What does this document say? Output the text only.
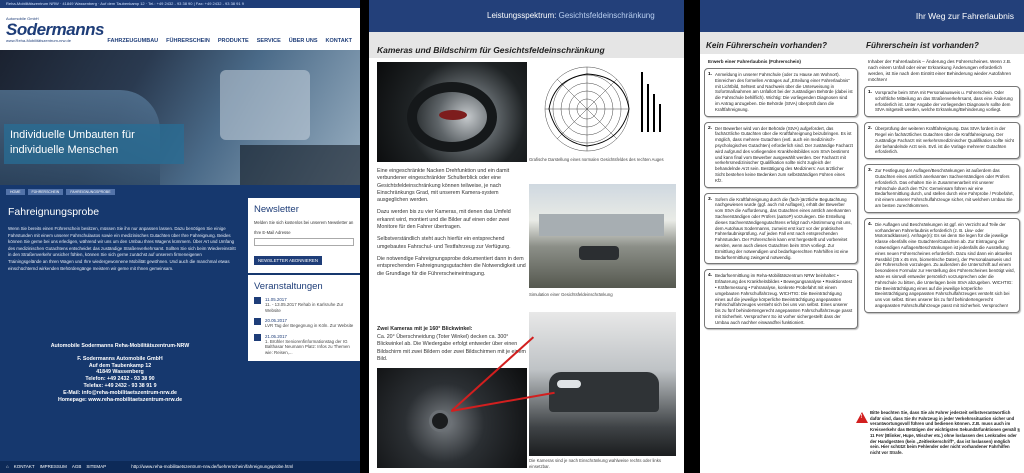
Reha-Mobilitätszentrum NRW · 41849 Wassenberg · Auf dem Taubenkamp 12 · Tel.: +49 2432 - 93 38 90 | Fax: +49 2432 - 93 38 91 9
Automobile GmbH
Sodermanns
www.Reha-Mobilitätszentrum-nrw.de	FAHRZEUGUMBAU FÜHRERSCHEIN PRODUKTE SERVICE ÜBER UNS KONTAKT
Individuelle Umbauten für
individuelle Menschen
HOME	FÜHRERSCHEIN	FAHREIGNUNGSPROBE
Fahreignungsprobe

Wenn Sie bereits einen Führerschein besitzen, müssen Sie ihn nur anpassen lassen. Dazu benötigen Sie einige Fahrstunden mit einem unserer Fahrschulautos sowie ein medizinisches Gutachten über Ihre Fahreignung. Beides können Sie gerne bei uns erledigen, während wir uns um den Umbau Ihres Wagens kümmern. Über Art und Umfang des medizinischen Gutachtens entscheidet das zuständige Straßenverkehrsamt. Sollten Sie sich beim Wiedereinstritt in den Straßenverkehr unsicher fühlen, können Sie sich gerne zunächst auf unserem firmeneigenen Trainingsgelände an Ihren Wagen und Ihre wiedergewonnene Mobilität gewöhnen. Und auch die manchmal etwas einschüchternd wirkenden Behördengänge meistern wir gerne mit Ihnen gemeinsam.

Newsletter

Melden Sie sich kostenlos bei unserem Newsletter an

Ihre E-Mail Adresse

NEWSLETTER ABONNIEREN
Veranstaltungen
11.05.2017
11. - 13.05.2017 Rehab in Karlsruhe Zur Website
20.05.2017
LVR Tag der Begegnung in Köln. Zur Website
21.05.2017
1. Brühler Seniorenfinformationstag der IG Balthasar Neumann Platz: Infos zu Themen wie: Reisen,...
Automobile Sodermanns Reha-Mobilitätszentrum-NRW
F. Sodermanns Automobile GmbH
Auf dem Taubenkamp 12
41849 Wassenberg
Telefon: +49 2432 - 93 38 90
Telefax: +49 2432 - 93 38 91 9
E-Mail: info@reha-mobilitaetszentrum-nrw.de
Homepage: www.reha-mobilitaetszentrum-nrw.de
⌂ KONTAKT IMPRESSUM AGB SITEMAP	http://www.reha-mobilitaetszentrum-nrw.de/fuehrerschein/fahreignungsprobe.html
Leistungsspektrum: Gesichtsfeldeinschränkung
Kameras und Bildschirm für Gesichtsfeldeinschränkung
Grafische Darstellung eines normalen Gesichtsfeldes des rechten Auges

Eine eingeschränkte Nacken Drehfunktion und ein damit verbundener eingeschränkter Schulterblick oder eine Gesichtsfeldeinschränkung können teilweise, je nach Einschränkungs Grad, mit unserem Kamera-system ausgeglichen werden.

Dazu werden bis zu vier Kameras, mit denen das Umfeld erkannt wird, montiert und die Bilder auf einen oder zwei Monitore für den Fahrer übertragen.

Selbstverständlich steht auch hierfür ein entsprechend umgebautes Fahrschul- und Testfahrzeug zur Verfügung.

Die notwendige Fahreignungsprobe dokumentiert dann in dem entsprechenden Fahreignungsgutachten die Notwendigkeit und die Grundlage für die Führerscheineintragung.

Simulation einer Gesichtsfeldeinschränkung
Zwei Kameras mit je 160° Blickwinkel:
Ca. 20° Überschneidung (Toter Winkel) decken ca. 300° Blickwinkel ab. Die Wiedergabe erfolgt entweder über einen Bildschirm mit zwei Bildern oder zwei Bildschirmen mit je einem Bild.
Die Kameras sind je nach Einschränkung wahlweise rechts oder links einsetzbar.
Ihr Weg zur Fahrerlaubnis
Kein Führerschein vorhanden?	Führerschein ist vorhanden?
Erwerb einer Fahrerlaubnis (Führerschein)
1. Anmeldung in unserer Fahrschule (oder zu Hause am Wohnort). Einreichen des formellen Antrages auf „Erteilung einer Fahrerlaubnis“ mit Lichtbild, Sehtest und Nachweis über die Unterweisung in Sofortmaßnahmen am Unfallort bei der zuständigen Behörde (dabei ist die Fahrschule behilflich). Wichtig: Die vorliegenden Diagnosen sind im Antrag anzugeben. Die Behörde (StVA) überprüft dann die Kraftfahreignung.

2. Der Bewerber wird von der Behörde (StVA) aufgefordert, das fachärztliche Gutachten über die Kraftfahreignung beizubringen. Es ist möglich, dass mehrere Gutachten (evtl. auch ein medizinisch-psychologisches Gutachten) erforderlich sind. Der zuständige Facharzt wird aufgrund des vorliegenden Krankheitsbildes vom StVA bestimmt und kann final vom Bewerber ausgewählt werden. Der Facharzt mit verkehrsmedizinischer Qualifikation sollte nicht zugleich der behandelnde Arzt sein. Bestätigung des Mediziners: Aus ärztlicher Sicht bestehen keine Bedenken zum selbstständigen Führen eines Kfz.

3. Sofern die Kraftfahreignung durch die (fach-)ärztliche Begutachtung nachgewiesen wurde (ggf. auch mit Auflagen), erhält der Bewerber vom StVA die Aufforderung, das Gutachten eines amtlich anerkannten Sachverständigen oder Prüfers (aaSoP) vorzulegen. Die Erstellung dieses Sachverständigengutachtens erfolgt nach Abstimmung mit uns, dem Autohaus Sodermanns, zumeist erst kurz vor der praktischen Fahrerlaubnisprüfung. Auf jeden Fall erst nach entsprechenden Fahrstunden. Der Führerschein kann erst hergestellt und vorbereitet werden, wenn auch dieses Gutachten beim StVA vorliegt. Zur Ermittlung der notwendigen und bedarfsgerechten Fahrhilfen ist eine Bedarfsermittlung zwingend notwendig.

4. Bedarfsermittlung im Reha-Mobilitätszentrum NRW beinhaltet: • Erläuterung des Krankheitsbildes • Bewegungsanalyse • Reaktionstest • Kräftemessung • Fahranalyse, konkrete Probefahrt mit einem umgebauten Fahrschulfahrzeug. WICHTIG: Die Beeinträchtigung eines auf die jeweilige körperliche Beeinträchtigung angepassten Fahrschulfahrzeuges versteht sich bei uns von selbst. Eines unserer bis zu fünf behindertengerecht angepassten Fahrschulfahrzeuge passt mit Sicherheit. Versprochen! So ist vorher sichergestellt dass der Umbau auch nachher einwandfrei funktioniert.

Inhaber der Fahrerlaubnis – Änderung des Führerscheines. Wenn z.B. nach einem Unfall oder einer Erkrankung Änderungen erforderlich werden, ist Sie nach dem Eintritt einer Behinderung wieder Autofahren möchten!
1. Vorsprache beim StVA mit Personalausweis u. Führerschein. Oder schriftliche Mitteilung an das Straßenverkehrsamt, dass eine Änderung erforderlich ist. Unter Angabe der vorliegenden Diagnose/n sollte dem StVA mitgeteilt werden, welche Erkrankung/Behinderung vorliegt.

2. Überprüfung der weiteren Kraftfahreignung. Das StVA fordert in der Regel ein fachärztliches Gutachten über die Kraftfahreignung. Der zuständige Facharzt mit verkehrsmedizinischer Qualifikation sollte nicht der behandelnde Arzt sein. Evtl. ist die Vorlage mehrerer Gutachten erforderlich.

3. Zur Festlegung der Auflagen/Beschränkungen ist außerdem das Gutachten eines amtlich anerkannten Sachverständigen oder Prüfers erforderlich. Das erhalten Sie in Zusammenarbeit mit unserer Fahrschule durch den TÜV. Gemeinsam führen wir eine Bedarfsermittlung durch, und stellen durch eine Fahrprobe / Probefahrt, mit einem unserer Fahrschulfahrzeuge sicher, mit welchem Umbau Sie am besten zurechtkommen.

4. Die Auflagen und Beschränkungen ist ggf. ein Verzicht auf Teile der vorhandenen Fahrerlaubnis erforderlich (z. B. Lkw- oder Motorradklassen). Anfrage(n): Es sei denn Sie legen für die jeweilige Klasse ebenfalls eine Gutachten/Gutachten ab. Zur Eintragung der notwendigen Auflagen/Beschränkungen ist jedenfalls die Ausstellung eines neuen Führerscheines erforderlich. Dazu sind dann ein aktuelles Passbild (35 x 45 mm, biometrische Daten), der Personalausweis und der Führerschein vorzulegen. Zu außerdem die Unterschrift auf einem besonderen Formular zur Herstellung des Führerscheines benötigt wird, wäre es sinnvoll entweder persönlich vorzusprechen oder die Fahrschule zu bitten, die Unterlagen beim StVA abzugeben. WICHTIG: Die Beeinträchtigung eines auf die jeweilige körperliche Beeinträchtigung angepassten Fahrschulfahrzeuges versteht sich bei uns von selbst. Eines unserer bis zu fünf behindertengerecht angepassten Fahrschulfahrzeuge passt mit Sicherheit. Versprochen!

!
Bitte beachten Sie, dass Sie als Fahrer jederzeit selbstverantwortlich dafür sind, dass Sie Ihr Fahrzeug in jeder Verkehrssituation sicher und verantwortungsvoll führen und bedienen können. Z.B. muss auch im Kreisverkehr das Betätigen der wichtigsten Sekundärfunktionen gemäß § 11 FeV (Blinker, Hupe, Wischer etc.) ohne loslassen des Lenkrades oder der Handgeräten (kein „Zeitlenkerschriff“, das ist loslassen) möglich sein. Hier schützt beim Fehlender oder nicht vorhandener Fahrhilfen nicht vor Strafe.
